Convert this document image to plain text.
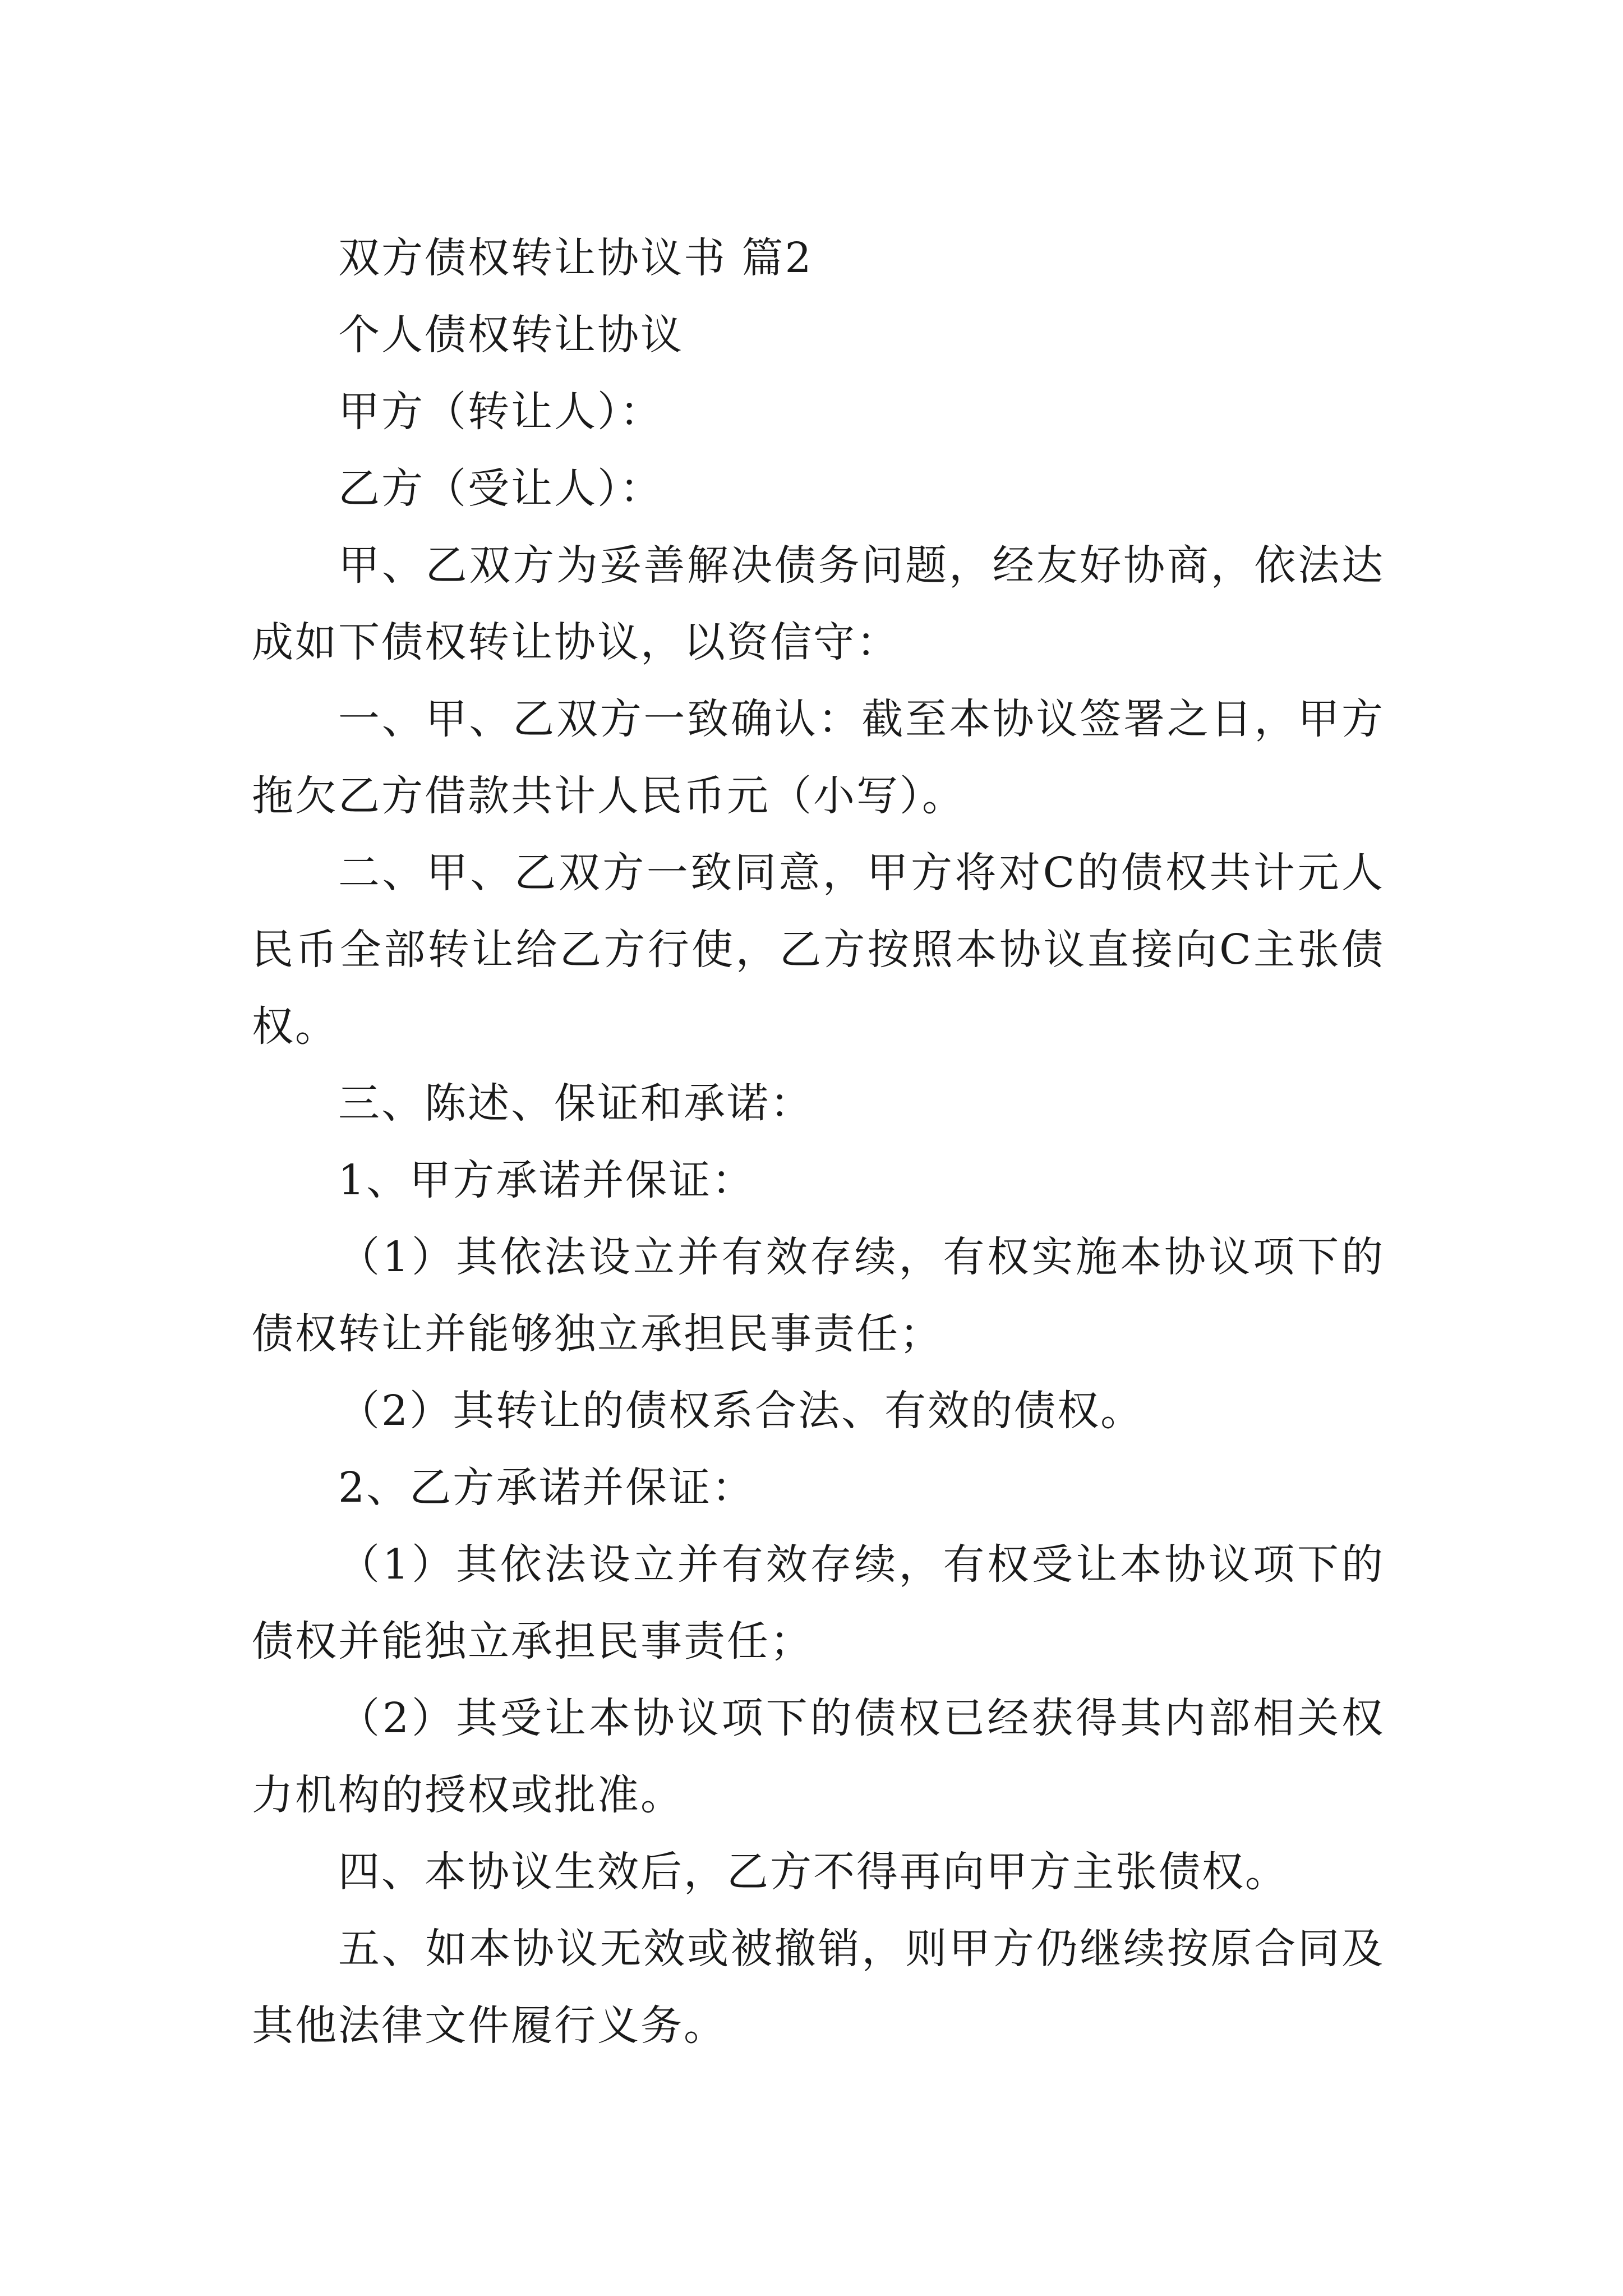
双方债权转让协议书 篇2

个人债权转让协议

甲方（转让人）：

乙方（受让人）：

甲、乙双方为妥善解决债务问题，经友好协商，依法达成如下债权转让协议，以资信守：

一、甲、乙双方一致确认：截至本协议签署之日，甲方拖欠乙方借款共计人民币元（小写）。

二、甲、乙双方一致同意，甲方将对C的债权共计元人民币全部转让给乙方行使，乙方按照本协议直接向C主张债权。

三、陈述、保证和承诺：

1、甲方承诺并保证：

（1）其依法设立并有效存续，有权实施本协议项下的债权转让并能够独立承担民事责任；

（2）其转让的债权系合法、有效的债权。

2、乙方承诺并保证：

（1）其依法设立并有效存续，有权受让本协议项下的债权并能独立承担民事责任；

（2）其受让本协议项下的债权已经获得其内部相关权力机构的授权或批准。

四、本协议生效后，乙方不得再向甲方主张债权。

五、如本协议无效或被撤销，则甲方仍继续按原合同及其他法律文件履行义务。
